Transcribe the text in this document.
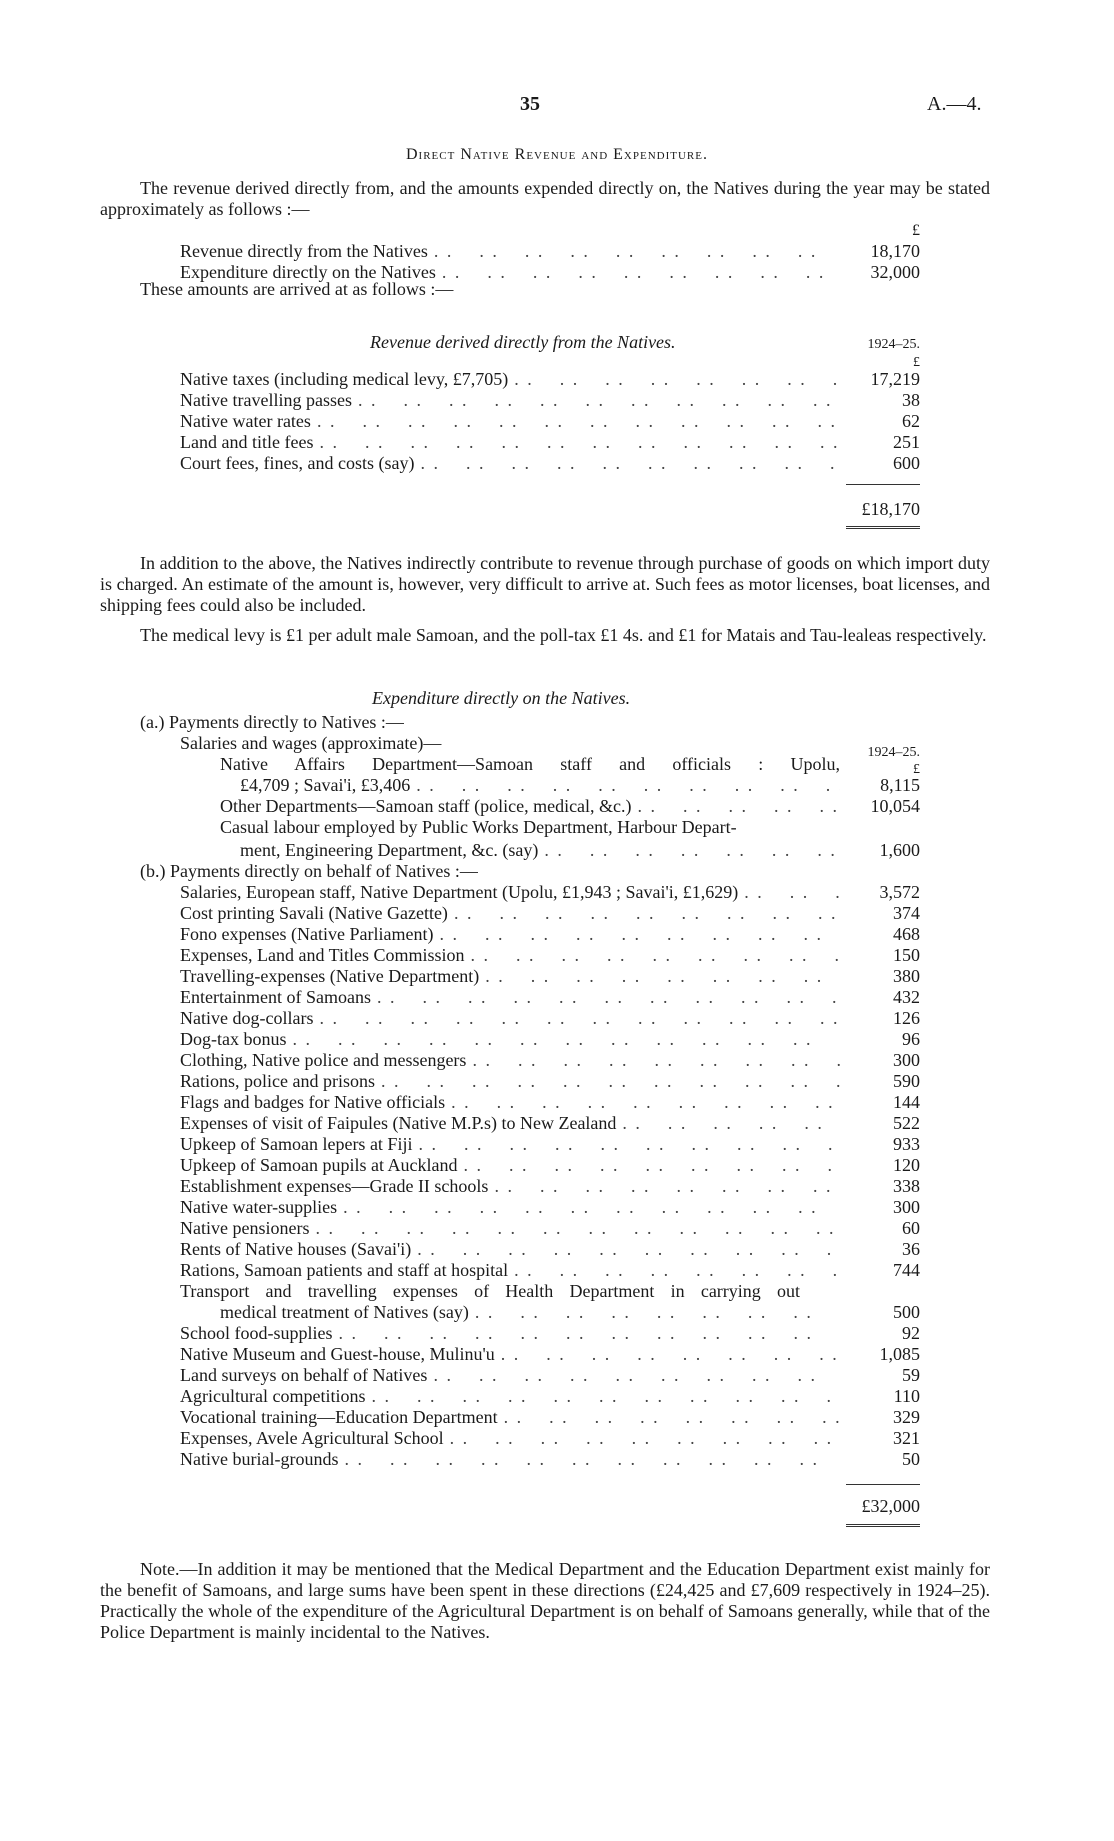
35	A.—4.
Direct Native Revenue and Expenditure.
The revenue derived directly from, and the amounts expended directly on, the Natives during the year may be stated approximately as follows :—
£
Revenue directly from the Natives . .	18,170
Expenditure directly on the Natives . .	32,000
These amounts are arrived at as follows :—
Revenue derived directly from the Natives.	1924–25.
£
Native taxes (including medical levy, £7,705) . .	17,219
Native travelling passes . .	38
Native water rates . .	62
Land and title fees . .	251
Court fees, fines, and costs (say) . .	600
£18,170
In addition to the above, the Natives indirectly contribute to revenue through purchase of goods on which import duty is charged. An estimate of the amount is, however, very difficult to arrive at. Such fees as motor licenses, boat licenses, and shipping fees could also be included.
The medical levy is £1 per adult male Samoan, and the poll-tax £1 4s. and £1 for Matais and Tau-lealeas respectively.
Expenditure directly on the Natives.
(a.) Payments directly to Natives :—
Salaries and wages (approximate)—	1924–25.
£
Native Affairs Department—Samoan staff and officials : Upolu,
£4,709 ; Savai'i, £3,406 . .	8,115
Other Departments—Samoan staff (police, medical, &c.) . .	10,054
Casual labour employed by Public Works Department, Harbour Depart-
ment, Engineering Department, &c. (say) . .	1,600
(b.) Payments directly on behalf of Natives :—
Salaries, European staff, Native Department (Upolu, £1,943 ; Savai'i, £1,629) . .	3,572
Cost printing Savali (Native Gazette) . .	374
Fono expenses (Native Parliament) . .	468
Expenses, Land and Titles Commission . .	150
Travelling-expenses (Native Department) . .	380
Entertainment of Samoans . .	432
Native dog-collars . .	126
Dog-tax bonus . .	96
Clothing, Native police and messengers . .	300
Rations, police and prisons . .	590
Flags and badges for Native officials . .	144
Expenses of visit of Faipules (Native M.P.s) to New Zealand . .	522
Upkeep of Samoan lepers at Fiji . .	933
Upkeep of Samoan pupils at Auckland . .	120
Establishment expenses—Grade II schools . .	338
Native water-supplies . .	300
Native pensioners . .	60
Rents of Native houses (Savai'i) . .	36
Rations, Samoan patients and staff at hospital . .	744
Transport and travelling expenses of Health Department in carrying out
medical treatment of Natives (say) . .	500
School food-supplies . .	92
Native Museum and Guest-house, Mulinu'u . .	1,085
Land surveys on behalf of Natives . .	59
Agricultural competitions . .	110
Vocational training—Education Department . .	329
Expenses, Avele Agricultural School . .	321
Native burial-grounds . .	50
£32,000
Note.—In addition it may be mentioned that the Medical Department and the Education Department exist mainly for the benefit of Samoans, and large sums have been spent in these directions (£24,425 and £7,609 respectively in 1924–25). Practically the whole of the expenditure of the Agricultural Department is on behalf of Samoans generally, while that of the Police Department is mainly incidental to the Natives.
